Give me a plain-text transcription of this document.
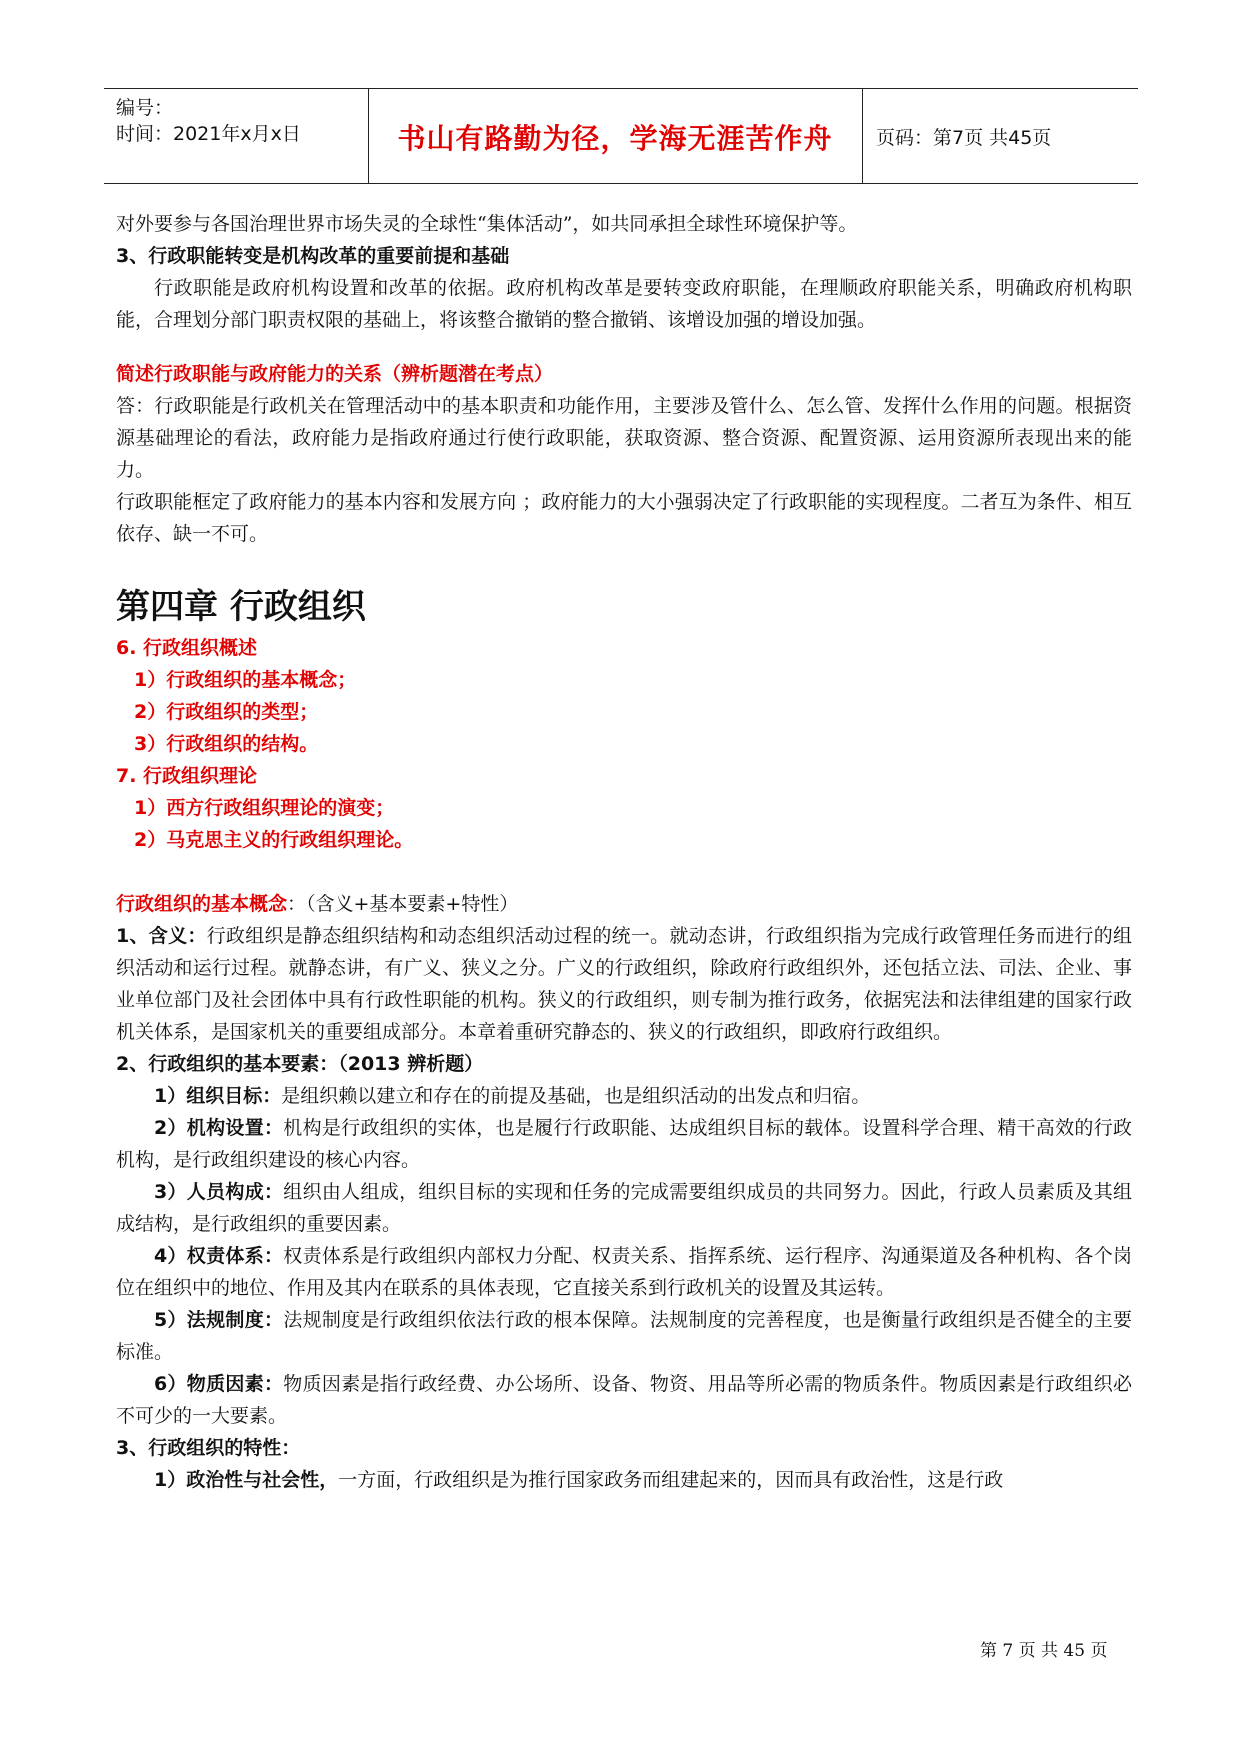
编号：
时间：2021年x月x日	书山有路勤为径，学海无涯苦作舟	页码：第7页 共45页

对外要参与各国治理世界市场失灵的全球性“集体活动”，如共同承担全球性环境保护等。

3、行政职能转变是机构改革的重要前提和基础

行政职能是政府机构设置和改革的依据。政府机构改革是要转变政府职能，在理顺政府职能关系，明确政府机构职能，合理划分部门职责权限的基础上，将该整合撤销的整合撤销、该增设加强的增设加强。

简述行政职能与政府能力的关系（辨析题潜在考点）

答：行政职能是行政机关在管理活动中的基本职责和功能作用，主要涉及管什么、怎么管、发挥什么作用的问题。根据资源基础理论的看法，政府能力是指政府通过行使行政职能，获取资源、整合资源、配置资源、运用资源所表现出来的能力。

行政职能框定了政府能力的基本内容和发展方向 ；政府能力的大小强弱决定了行政职能的实现程度。二者互为条件、相互依存、缺一不可。

第四章 行政组织

6. 行政组织概述

1）行政组织的基本概念；

2）行政组织的类型；

3）行政组织的结构。

7. 行政组织理论

1）西方行政组织理论的演变；

2）马克思主义的行政组织理论。

行政组织的基本概念：（含义+基本要素+特性）

1、含义：行政组织是静态组织结构和动态组织活动过程的统一。就动态讲，行政组织指为完成行政管理任务而进行的组织活动和运行过程。就静态讲，有广义、狭义之分。广义的行政组织，除政府行政组织外，还包括立法、司法、企业、事业单位部门及社会团体中具有行政性职能的机构。狭义的行政组织，则专制为推行政务，依据宪法和法律组建的国家行政机关体系，是国家机关的重要组成部分。本章着重研究静态的、狭义的行政组织，即政府行政组织。

2、行政组织的基本要素：（2013 辨析题）

1）组织目标：是组织赖以建立和存在的前提及基础，也是组织活动的出发点和归宿。

2）机构设置：机构是行政组织的实体，也是履行行政职能、达成组织目标的载体。设置科学合理、精干高效的行政机构，是行政组织建设的核心内容。

3）人员构成：组织由人组成，组织目标的实现和任务的完成需要组织成员的共同努力。因此，行政人员素质及其组成结构，是行政组织的重要因素。

4）权责体系：权责体系是行政组织内部权力分配、权责关系、指挥系统、运行程序、沟通渠道及各种机构、各个岗位在组织中的地位、作用及其内在联系的具体表现，它直接关系到行政机关的设置及其运转。

5）法规制度：法规制度是行政组织依法行政的根本保障。法规制度的完善程度，也是衡量行政组织是否健全的主要标准。

6）物质因素：物质因素是指行政经费、办公场所、设备、物资、用品等所必需的物质条件。物质因素是行政组织必不可少的一大要素。

3、行政组织的特性：

1）政治性与社会性，一方面，行政组织是为推行国家政务而组建起来的，因而具有政治性，这是行政

第 7 页 共 45 页
